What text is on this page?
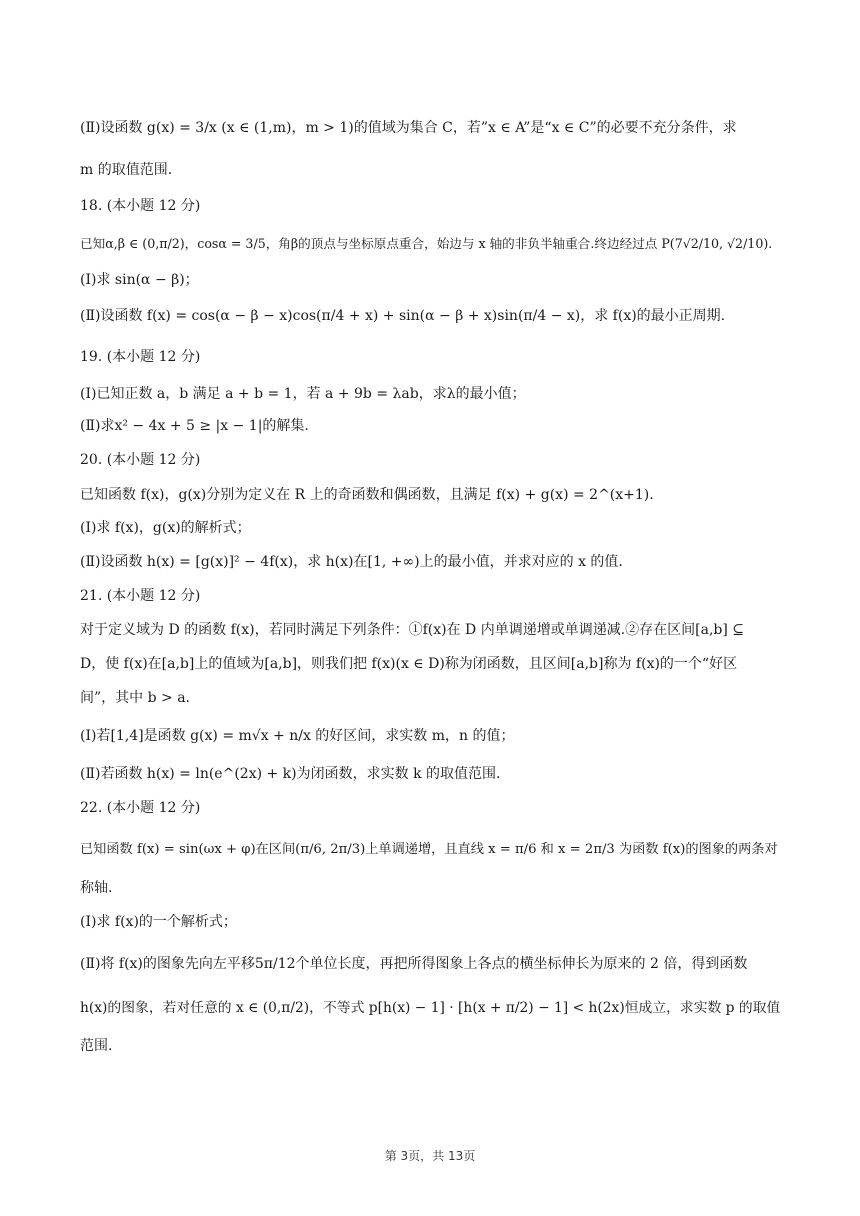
(Ⅱ)设函数 g(x) = 3/x (x ∈ (1,m)，m > 1)的值域为集合 C，若”x ∈ A”是“x ∈ C”的必要不充分条件，求
m 的取值范围.
18. (本小题 12 分)
已知α,β ∈ (0,π/2)，cosα = 3/5，角β的顶点与坐标原点重合，始边与 x 轴的非负半轴重合.终边经过点 P(7√2/10, √2/10).
(Ⅰ)求 sin(α − β)；
(Ⅱ)设函数 f(x) = cos(α − β − x)cos(π/4 + x) + sin(α − β + x)sin(π/4 − x)，求 f(x)的最小正周期.
19. (本小题 12 分)
(Ⅰ)已知正数 a，b 满足 a + b = 1，若 a + 9b = λab，求λ的最小值；
(Ⅱ)求x² − 4x + 5 ≥ |x − 1|的解集.
20. (本小题 12 分)
已知函数 f(x)，g(x)分别为定义在 R 上的奇函数和偶函数，且满足 f(x) + g(x) = 2^(x+1).
(Ⅰ)求 f(x)，g(x)的解析式；
(Ⅱ)设函数 h(x) = [g(x)]² − 4f(x)，求 h(x)在[1, +∞)上的最小值，并求对应的 x 的值.
21. (本小题 12 分)
对于定义域为 D 的函数 f(x)，若同时满足下列条件：①f(x)在 D 内单调递增或单调递减.②存在区间[a,b] ⊆
D，使 f(x)在[a,b]上的值域为[a,b]，则我们把 f(x)(x ∈ D)称为闭函数，且区间[a,b]称为 f(x)的一个“好区
间”，其中 b > a.
(Ⅰ)若[1,4]是函数 g(x) = m√x + n/x 的好区间，求实数 m，n 的值；
(Ⅱ)若函数 h(x) = ln(e^(2x) + k)为闭函数，求实数 k 的取值范围.
22. (本小题 12 分)
已知函数 f(x) = sin(ωx + φ)在区间(π/6, 2π/3)上单调递增，且直线 x = π/6 和 x = 2π/3 为函数 f(x)的图象的两条对
称轴.
(Ⅰ)求 f(x)的一个解析式；
(Ⅱ)将 f(x)的图象先向左平移5π/12个单位长度，再把所得图象上各点的横坐标伸长为原来的 2 倍，得到函数
h(x)的图象，若对任意的 x ∈ (0,π/2)，不等式 p[h(x) − 1] · [h(x + π/2) − 1] < h(2x)恒成立，求实数 p 的取值
范围.
第 3页，共 13页
